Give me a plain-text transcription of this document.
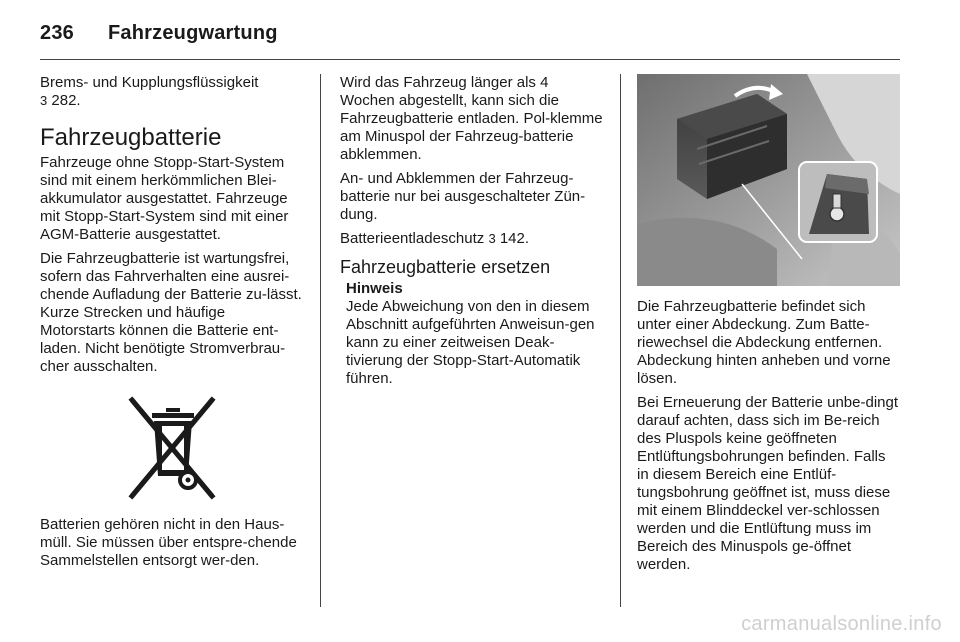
236 Fahrzeugwartung

Brems- und Kupplungsflüssigkeit
3 282.

Fahrzeugbatterie

Fahrzeuge ohne Stopp-Start-System sind mit einem herkömmlichen Blei-akkumulator ausgestattet. Fahrzeuge mit Stopp-Start-System sind mit einer AGM-Batterie ausgestattet.

Die Fahrzeugbatterie ist wartungsfrei, sofern das Fahrverhalten eine ausrei-chende Aufladung der Batterie zu-lässt. Kurze Strecken und häufige Motorstarts können die Batterie ent-laden. Nicht benötigte Stromverbrau-cher ausschalten.

Batterien gehören nicht in den Haus-müll. Sie müssen über entspre-chende Sammelstellen entsorgt wer-den.

Wird das Fahrzeug länger als 4 Wochen abgestellt, kann sich die Fahrzeugbatterie entladen. Pol-klemme am Minuspol der Fahrzeug-batterie abklemmen.

An- und Abklemmen der Fahrzeug-batterie nur bei ausgeschalteter Zün-dung.

Batterieentladeschutz 3 142.

Fahrzeugbatterie ersetzen
Hinweis

Jede Abweichung von den in diesem Abschnitt aufgeführten Anweisun-gen kann zu einer zeitweisen Deak-tivierung der Stopp-Start-Automatik führen.

Die Fahrzeugbatterie befindet sich unter einer Abdeckung. Zum Batte-riewechsel die Abdeckung entfernen. Abdeckung hinten anheben und vorne lösen.

Bei Erneuerung der Batterie unbe-dingt darauf achten, dass sich im Be-reich des Pluspols keine geöffneten Entlüftungsbohrungen befinden. Falls in diesem Bereich eine Entlüf-tungsbohrung geöffnet ist, muss diese mit einem Blinddeckel ver-schlossen werden und die Entlüftung muss im Bereich des Minuspols ge-öffnet werden.

carmanualsonline.info
